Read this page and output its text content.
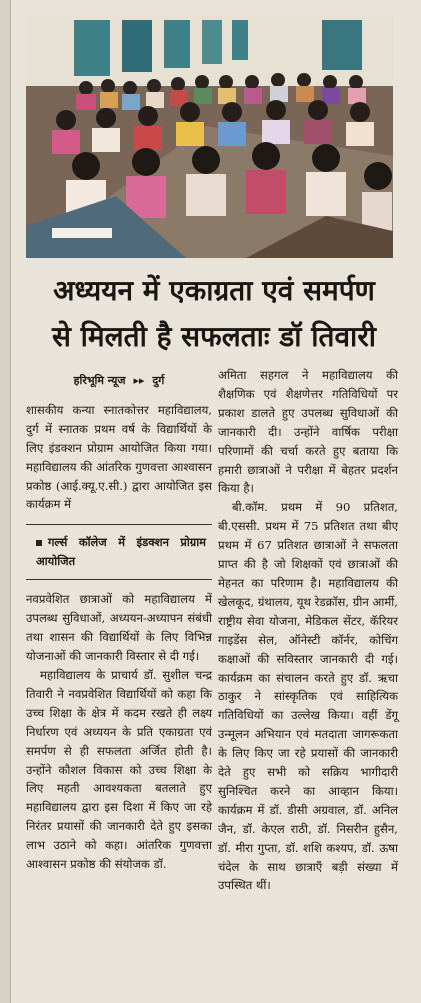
अध्ययन में एकाग्रता एवं समर्पण
से मिलती है सफलताः डॉ तिवारी
हरिभूमि न्यूज ▸▸ दुर्ग

शासकीय कन्या स्नातकोत्तर महाविद्यालय, दुर्ग में स्नातक प्रथम वर्ष के विद्यार्थियों के लिए इंडक्शन प्रोग्राम आयोजित किया गया। महाविद्यालय की आंतरिक गुणवत्ता आश्वासन प्रकोष्ठ (आई.क्यू.ए.सी.) द्वारा आयोजित इस कार्यक्रम में

गर्ल्स कॉलेज में इंडक्शन प्रोग्राम आयोजित

नवप्रवेशित छात्राओं को महाविद्यालय में उपलब्ध सुविधाओं, अध्ययन-अध्यापन संबंधी तथा शासन की विद्यार्थियों के लिए विभिन्न योजनाओं की जानकारी विस्तार से दी गई।

महाविद्यालय के प्राचार्य डॉ. सुशील चन्द्र तिवारी ने नवप्रवेशित विद्यार्थियों को कहा कि उच्च शिक्षा के क्षेत्र में कदम रखते ही लक्ष्य निर्धारण एवं अध्ययन के प्रति एकाग्रता एवं समर्पण से ही सफलता अर्जित होती है। उन्होंने कौशल विकास को उच्च शिक्षा के लिए महती आवश्यकता बतलाते हुए महाविद्यालय द्वारा इस दिशा में किए जा रहे निरंतर प्रयासों की जानकारी देते हुए इसका लाभ उठाने को कहा। आंतरिक गुणवत्ता आश्वासन प्रकोष्ठ की संयोजक डॉ.

अमिता सहगल ने महाविद्यालय की शैक्षणिक एवं शैक्षणेत्तर गतिविधियों पर प्रकाश डालते हुए उपलब्ध सुविधाओं की जानकारी दी। उन्होंने वार्षिक परीक्षा परिणामों की चर्चा करते हुए बताया कि हमारी छात्राओं ने परीक्षा में बेहतर प्रदर्शन किया है।

बी.कॉम. प्रथम में 90 प्रतिशत, बी.एससी. प्रथम में 75 प्रतिशत तथा बीए प्रथम में 67 प्रतिशत छात्राओं ने सफलता प्राप्त की है जो शिक्षकों एवं छात्राओं की मेहनत का परिणाम है। महाविद्यालय की खेलकूद, ग्रंथालय, यूथ रेडक्रॉस, ग्रीन आर्मी, राष्ट्रीय सेवा योजना, मेडिकल सेंटर, कॅरियर गाइडेंस सेल, ऑनेस्टी कॉर्नर, कोचिंग कक्षाओं की सविस्तार जानकारी दी गई। कार्यक्रम का संचालन करते हुए डॉ. ऋचा ठाकुर ने सांस्कृतिक एवं साहित्यिक गतिविधियों का उल्लेख किया। वहीं डेंगू उन्मूलन अभियान एवं मतदाता जागरूकता के लिए किए जा रहे प्रयासों की जानकारी देते हुए सभी को सक्रिय भागीदारी सुनिश्चित करने का आव्हान किया। कार्यक्रम में डॉ. डीसी अग्रवाल, डॉ. अनिल जैन, डॉ. केएल राठी, डॉ. निसरीन हुसैन, डॉ. मीरा गुप्ता, डॉ. शशि कश्यप, डॉ. ऊषा चंदेल के साथ छात्राएँ बड़ी संख्या में उपस्थित थीं।
